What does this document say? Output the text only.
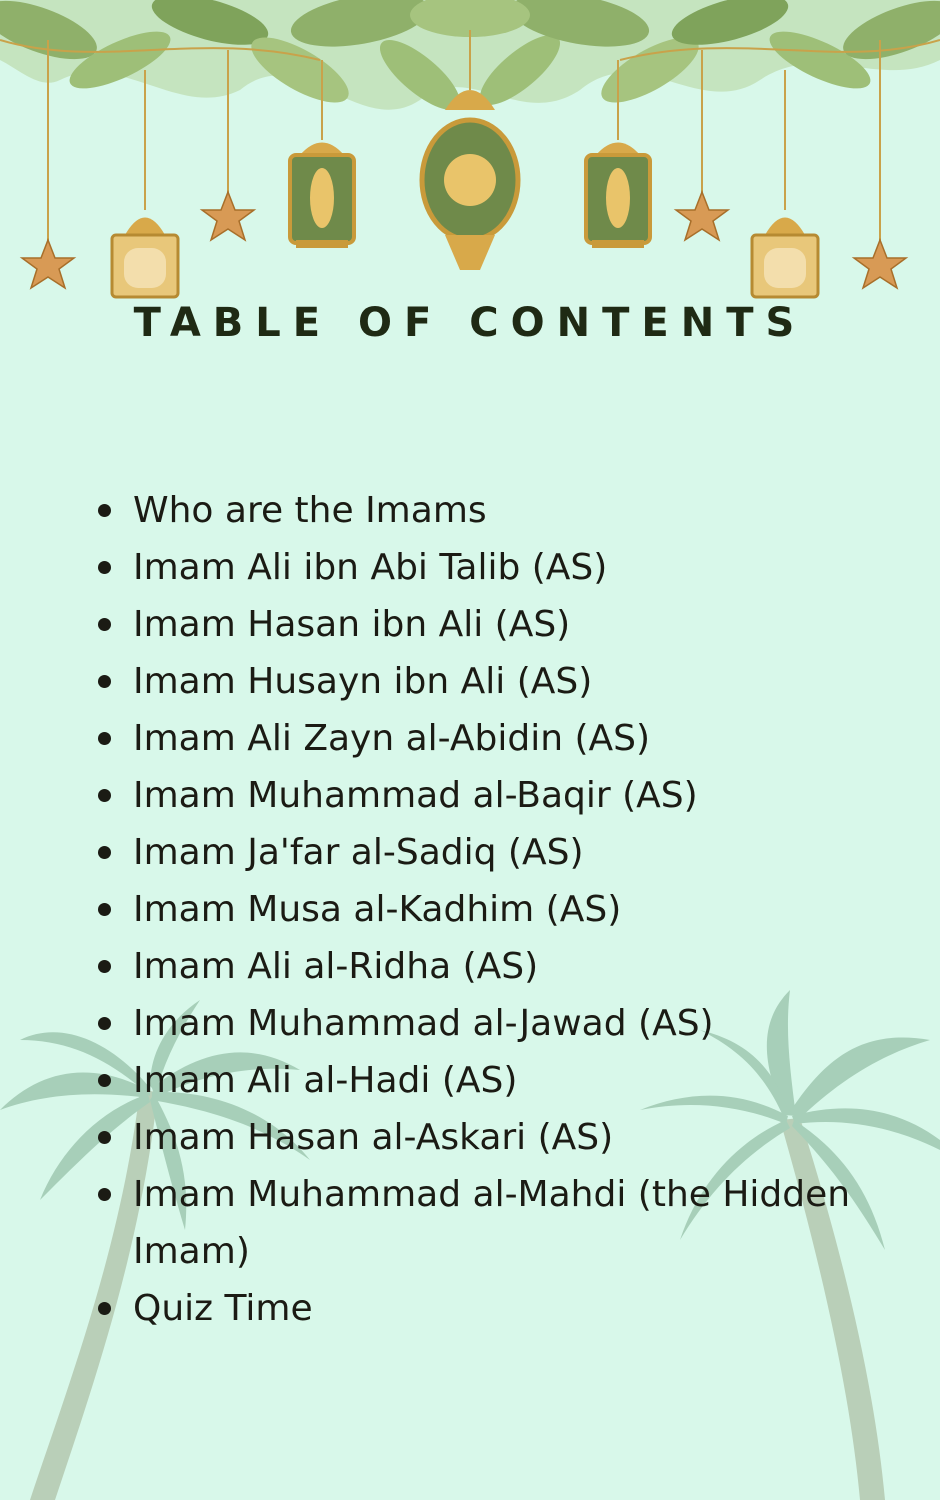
TABLE OF CONTENTS
Who are the Imams
Imam Ali ibn Abi Talib (AS)
Imam Hasan ibn Ali (AS)
Imam Husayn ibn Ali (AS)
Imam Ali Zayn al-Abidin (AS)
Imam Muhammad al-Baqir (AS)
Imam Ja'far al-Sadiq (AS)
Imam Musa al-Kadhim (AS)
Imam Ali al-Ridha (AS)
Imam Muhammad al-Jawad (AS)
Imam Ali al-Hadi (AS)
Imam Hasan al-Askari (AS)
Imam Muhammad al-Mahdi (the Hidden Imam)
Quiz Time
